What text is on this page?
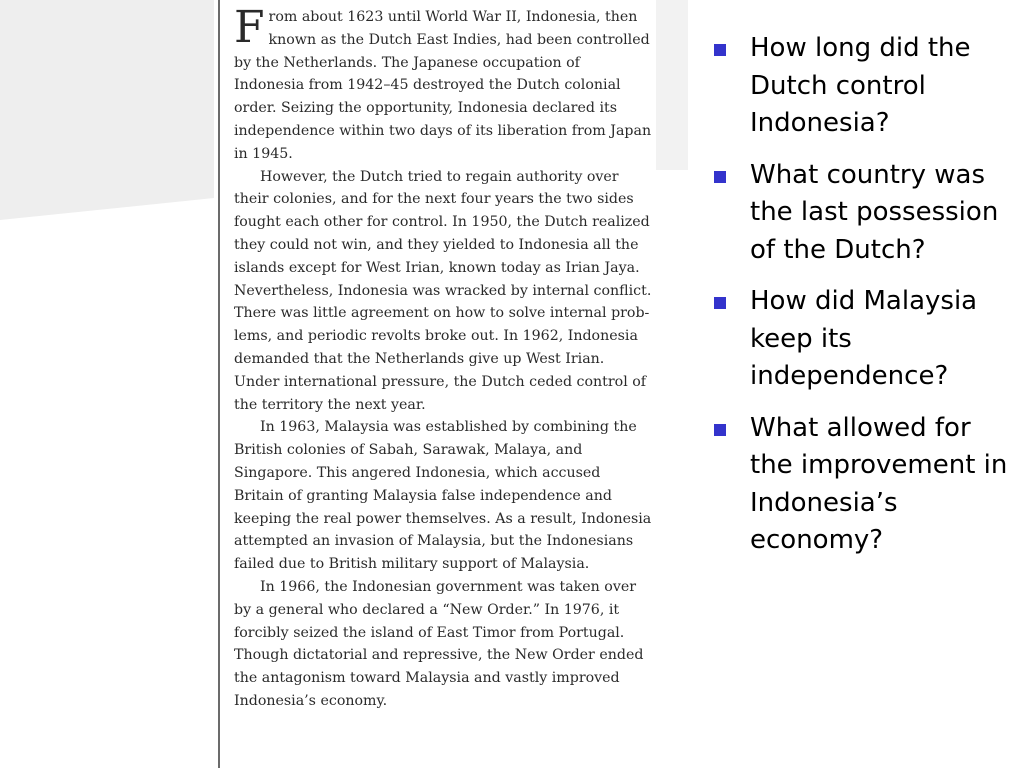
From about 1623 until World War II, Indonesia, then known as the Dutch East Indies, had been controlled by the Netherlands. The Japanese occupation of Indonesia from 1942–45 destroyed the Dutch colonial order. Seizing the opportunity, Indonesia declared its independence within two days of its liberation from Japan in 1945.

However, the Dutch tried to regain authority over their colonies, and for the next four years the two sides fought each other for control. In 1950, the Dutch realized they could not win, and they yielded to Indonesia all the islands except for West Irian, known today as Irian Jaya. Nevertheless, Indonesia was wracked by internal conflict. There was little agreement on how to solve internal prob-lems, and periodic revolts broke out. In 1962, Indonesia demanded that the Netherlands give up West Irian. Under international pressure, the Dutch ceded control of the territory the next year.

In 1963, Malaysia was established by combining the British colonies of Sabah, Sarawak, Malaya, and Singapore. This angered Indonesia, which accused Britain of granting Malaysia false independence and keeping the real power themselves. As a result, Indonesia attempted an invasion of Malaysia, but the Indonesians failed due to British military support of Malaysia.

In 1966, the Indonesian government was taken over by a general who declared a “New Order.” In 1976, it forcibly seized the island of East Timor from Portugal. Though dictatorial and repressive, the New Order ended the antagonism toward Malaysia and vastly improved Indonesia’s economy.

How long did the Dutch control Indonesia?
What country was the last possession of the Dutch?
How did Malaysia keep its independence?
What allowed for the improvement in Indonesia’s economy?
